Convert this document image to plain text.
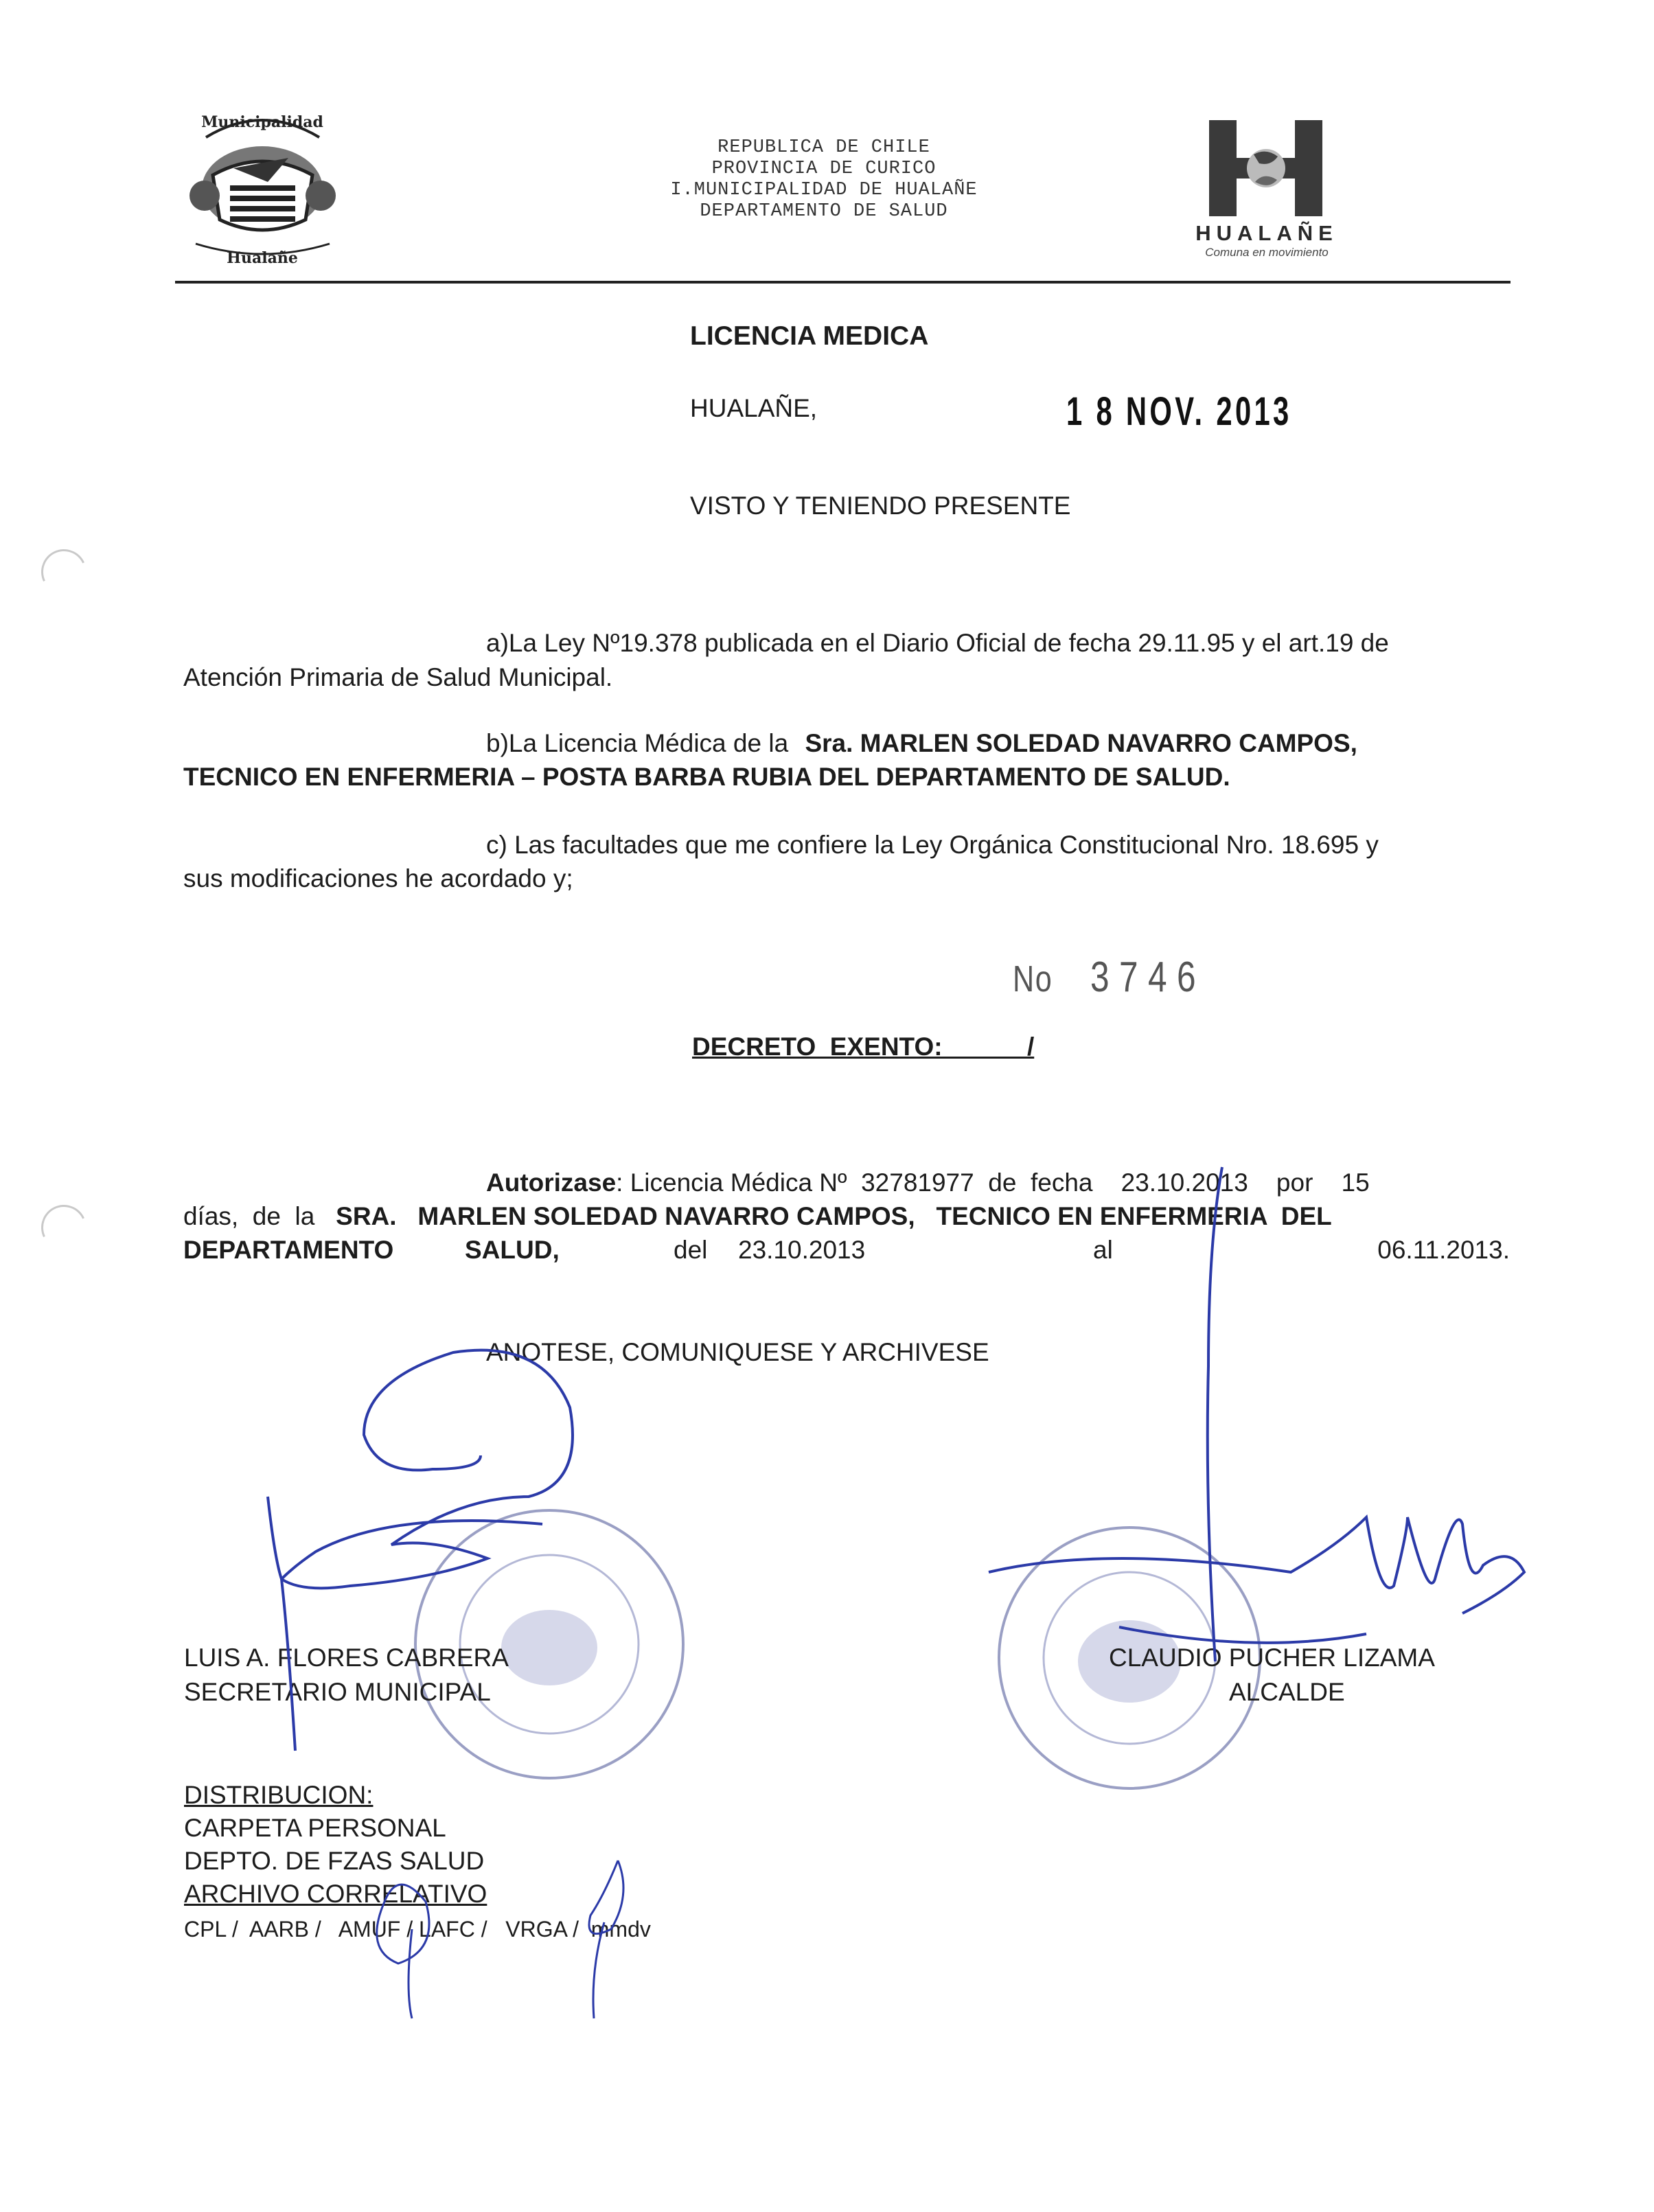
Municipalidad
Hualañe
REPUBLICA DE CHILE
PROVINCIA DE CURICO
I.MUNICIPALIDAD DE HUALAÑE
DEPARTAMENTO DE SALUD
HUALAÑE
Comuna en movimiento
LICENCIA MEDICA
HUALAÑE,	1 8 NOV. 2013
VISTO Y TENIENDO PRESENTE
a)La Ley Nº19.378 publicada en el Diario Oficial de fecha 29.11.95 y el art.19 de
Atención Primaria de Salud Municipal.
b)La Licencia Médica de la Sra. MARLEN SOLEDAD NAVARRO CAMPOS,
TECNICO EN ENFERMERIA – POSTA BARBA RUBIA DEL DEPARTAMENTO DE SALUD.
c) Las facultades que me confiere la Ley Orgánica Constitucional Nro. 18.695 y
sus modificaciones he acordado y;
No 3746
DECRETO  EXENTO:            /
Autorizase: Licencia Médica Nº  32781977  de  fecha    23.10.2013    por    15
días,  de  la SRA.   MARLEN SOLEDAD NAVARRO CAMPOS,   TECNICO EN ENFERMERIA  DEL
DEPARTAMENTO	SALUD,	del 23.10.2013	al	06.11.2013.
ANOTESE, COMUNIQUESE Y ARCHIVESE
LUIS A. FLORES CABRERA
SECRETARIO MUNICIPAL
CLAUDIO PUCHER LIZAMA
ALCALDE
DISTRIBUCION:
CARPETA PERSONAL
DEPTO. DE FZAS SALUD
ARCHIVO CORRELATIVO
CPL /  AARB /   AMUF / LAFC /   VRGA /  mmdv
